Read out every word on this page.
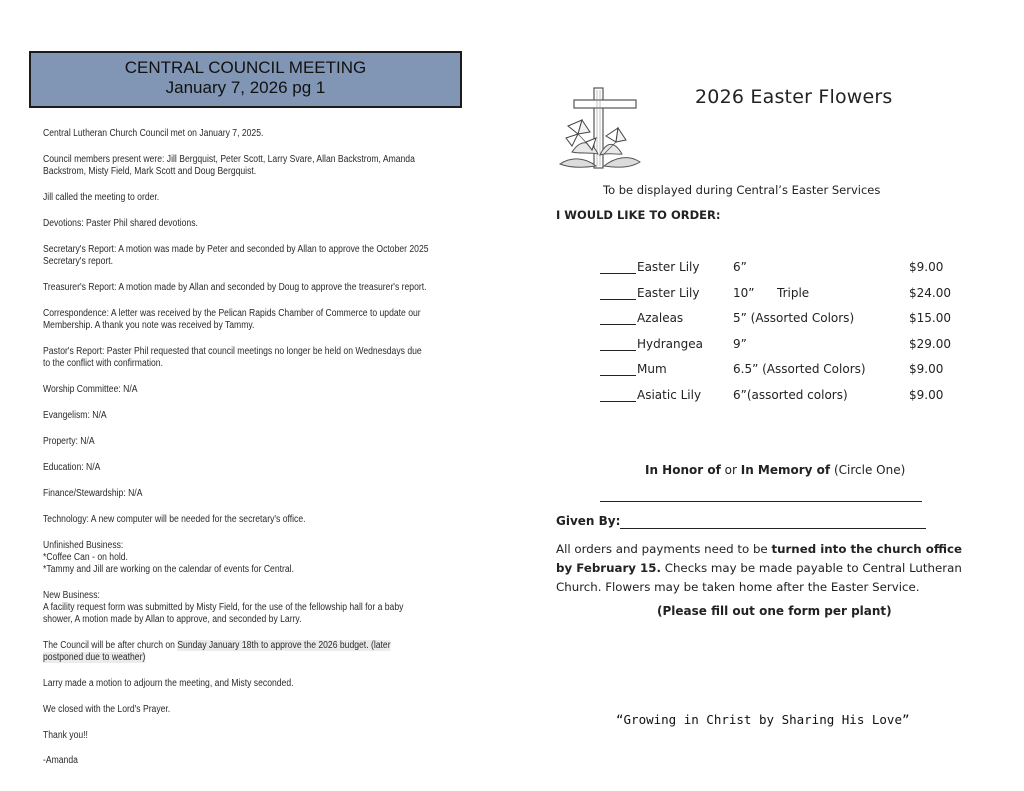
CENTRAL COUNCIL MEETING
January 7, 2026 pg 1

Central Lutheran Church Council met on January 7, 2025.

Council members present were: Jill Bergquist, Peter Scott, Larry Svare, Allan Backstrom, Amanda Backstrom, Misty Field, Mark Scott and Doug Bergquist.

Jill called the meeting to order.

Devotions: Paster Phil shared devotions.

Secretary's Report: A motion was made by Peter and seconded by Allan to approve the October 2025 Secretary's report.

Treasurer's Report: A motion made by Allan and seconded by Doug to approve the treasurer's report.

Correspondence: A letter was received by the Pelican Rapids Chamber of Commerce to update our Membership. A thank you note was received by Tammy.

Pastor's Report: Paster Phil requested that council meetings no longer be held on Wednesdays due to the conflict with confirmation.

Worship Committee: N/A

Evangelism: N/A

Property: N/A

Education: N/A

Finance/Stewardship: N/A

Technology: A new computer will be needed for the secretary's office.

Unfinished Business:
*Coffee Can - on hold.
*Tammy and Jill are working on the calendar of events for Central.

New Business:
A facility request form was submitted by Misty Field, for the use of the fellowship hall for a baby shower, A motion made by Allan to approve, and seconded by Larry.

The Council will be after church on Sunday January 18th to approve the 2026 budget. (later postponed due to weather)

Larry made a motion to adjourn the meeting, and Misty seconded.

We closed with the Lord's Prayer.

Thank you!!

-Amanda

2026 Easter Flowers
To be displayed during Central’s Easter Services
I WOULD LIKE TO ORDER:
Easter Lily	6”	$9.00
Easter Lily	10” Triple	$24.00
Azaleas	5” (Assorted Colors)	$15.00
Hydrangea	9”	$29.00
Mum	6.5” (Assorted Colors)	$9.00
Asiatic Lily	6”(assorted colors)	$9.00
In Honor of or In Memory of (Circle One)
Given By:
All orders and payments need to be turned into the church office by February 15. Checks may be made payable to Central Lutheran Church. Flowers may be taken home after the Easter Service.
(Please fill out one form per plant)
“Growing in Christ by Sharing His Love”
